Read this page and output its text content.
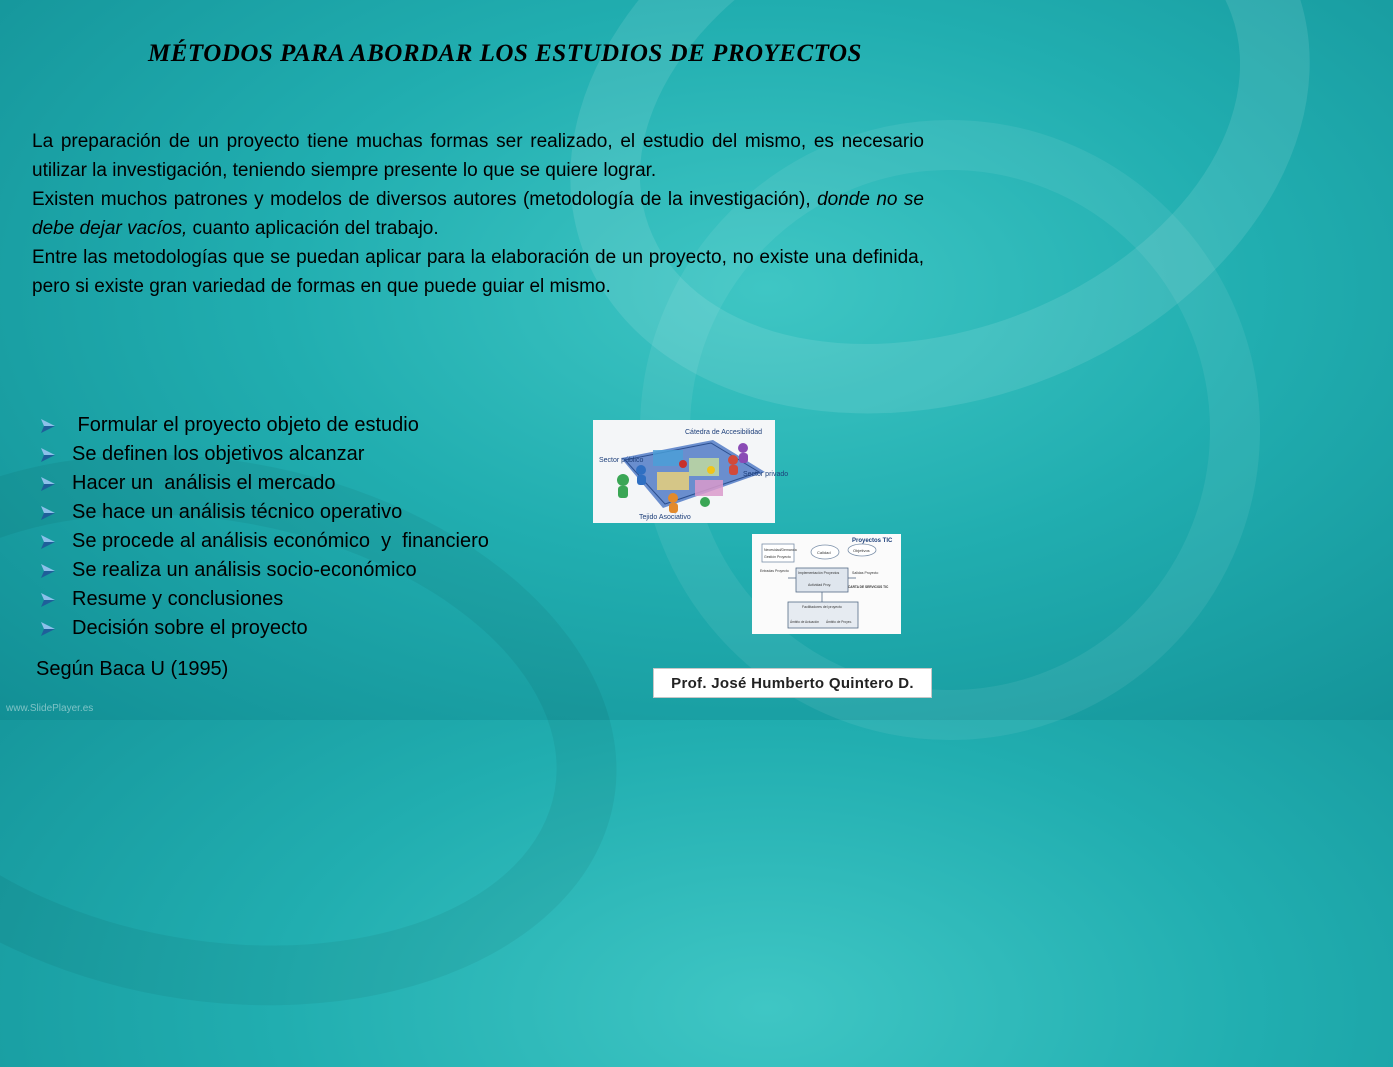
MÉTODOS PARA ABORDAR LOS ESTUDIOS DE PROYECTOS

La preparación de un proyecto tiene muchas formas ser realizado, el estudio del mismo, es necesario utilizar la investigación, teniendo siempre presente lo que se quiere lograr.

Existen muchos patrones y modelos de diversos autores (metodología de la investigación), donde no se debe dejar vacíos, cuanto aplicación del trabajo.

Entre las metodologías que se puedan aplicar para la elaboración de un proyecto, no existe una definida, pero si existe gran variedad de formas en que puede guiar el mismo.

Formular el proyecto objeto de estudio
Se definen los objetivos alcanzar
Hacer un  análisis el mercado
Se hace un análisis técnico operativo
Se procede al análisis económico  y  financiero
Se realiza un análisis socio-económico
Resume y conclusiones
Decisión sobre el proyecto

Según Baca U (1995)

Cátedra de Accesibilidad
Sector público
Sector privado
Tejido Asociativo
Proyectos TIC
Necesidad/Demanda
Gestión Proyecto
Calidad	Objetivos
Entradas Proyecto	Implementación Proyectos
Actividad Proy.
Salidas Proyecto
CARTA DE SERVICIOS TIC
Facilitadores del proyecto
Ámbito de Actuación Ámbito de Proyec.
Prof. José Humberto Quintero D.
www.SlidePlayer.es
